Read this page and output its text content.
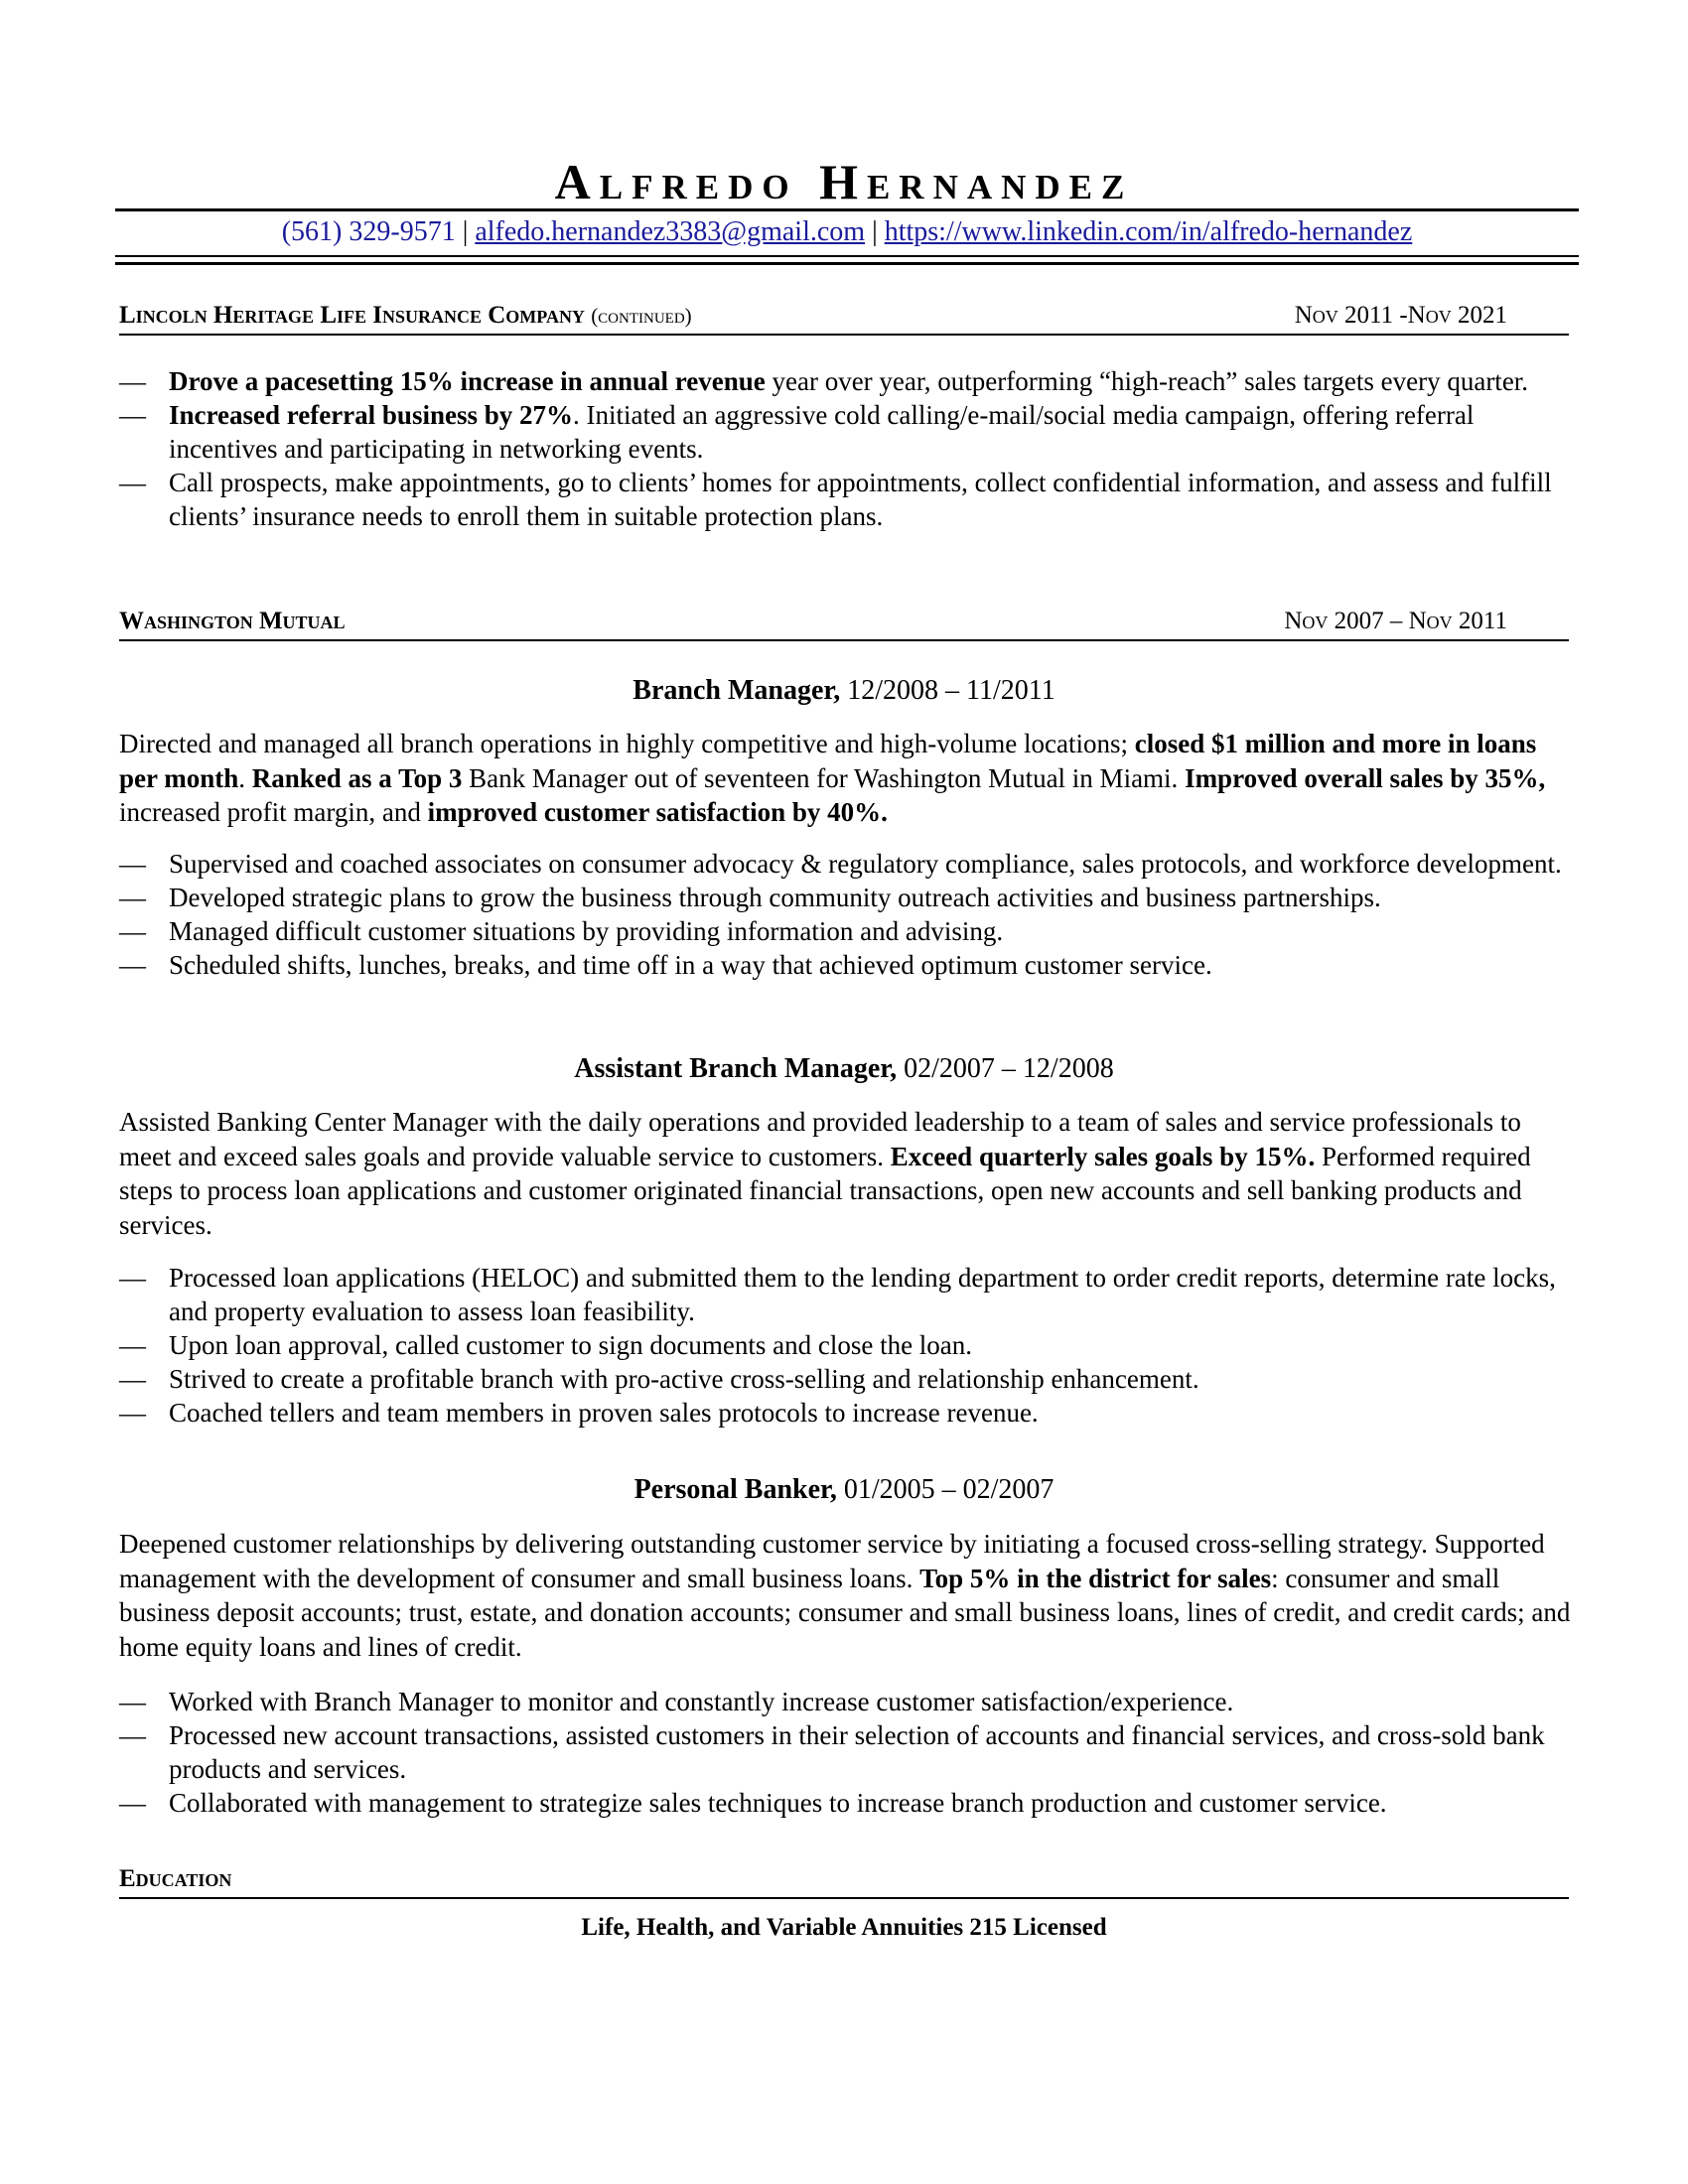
Alfredo Hernandez
(561) 329-9571 | alfedo.hernandez3383@gmail.com | https://www.linkedin.com/in/alfredo-hernandez
Lincoln Heritage Life Insurance Company (continued)	Nov 2011 -Nov 2021
— Drove a pacesetting 15% increase in annual revenue year over year, outperforming “high-reach” sales targets every quarter.
— Increased referral business by 27%. Initiated an aggressive cold calling/e-mail/social media campaign, offering referral incentives and participating in networking events.
— Call prospects, make appointments, go to clients’ homes for appointments, collect confidential information, and assess and fulfill clients’ insurance needs to enroll them in suitable protection plans.
Washington Mutual	Nov 2007 – Nov 2011
Branch Manager, 12/2008 – 11/2011

Directed and managed all branch operations in highly competitive and high-volume locations; closed $1 million and more in loans per month. Ranked as a Top 3 Bank Manager out of seventeen for Washington Mutual in Miami. Improved overall sales by 35%, increased profit margin, and improved customer satisfaction by 40%.

— Supervised and coached associates on consumer advocacy & regulatory compliance, sales protocols, and workforce development.
— Developed strategic plans to grow the business through community outreach activities and business partnerships.
— Managed difficult customer situations by providing information and advising.
— Scheduled shifts, lunches, breaks, and time off in a way that achieved optimum customer service.
Assistant Branch Manager, 02/2007 – 12/2008

Assisted Banking Center Manager with the daily operations and provided leadership to a team of sales and service professionals to meet and exceed sales goals and provide valuable service to customers. Exceed quarterly sales goals by 15%. Performed required steps to process loan applications and customer originated financial transactions, open new accounts and sell banking products and services.

— Processed loan applications (HELOC) and submitted them to the lending department to order credit reports, determine rate locks, and property evaluation to assess loan feasibility.
— Upon loan approval, called customer to sign documents and close the loan.
— Strived to create a profitable branch with pro-active cross-selling and relationship enhancement.
— Coached tellers and team members in proven sales protocols to increase revenue.
Personal Banker, 01/2005 – 02/2007

Deepened customer relationships by delivering outstanding customer service by initiating a focused cross-selling strategy. Supported management with the development of consumer and small business loans. Top 5% in the district for sales: consumer and small business deposit accounts; trust, estate, and donation accounts; consumer and small business loans, lines of credit, and credit cards; and home equity loans and lines of credit.

— Worked with Branch Manager to monitor and constantly increase customer satisfaction/experience.
— Processed new account transactions, assisted customers in their selection of accounts and financial services, and cross-sold bank products and services.
— Collaborated with management to strategize sales techniques to increase branch production and customer service.
Education
Life, Health, and Variable Annuities 215 Licensed
